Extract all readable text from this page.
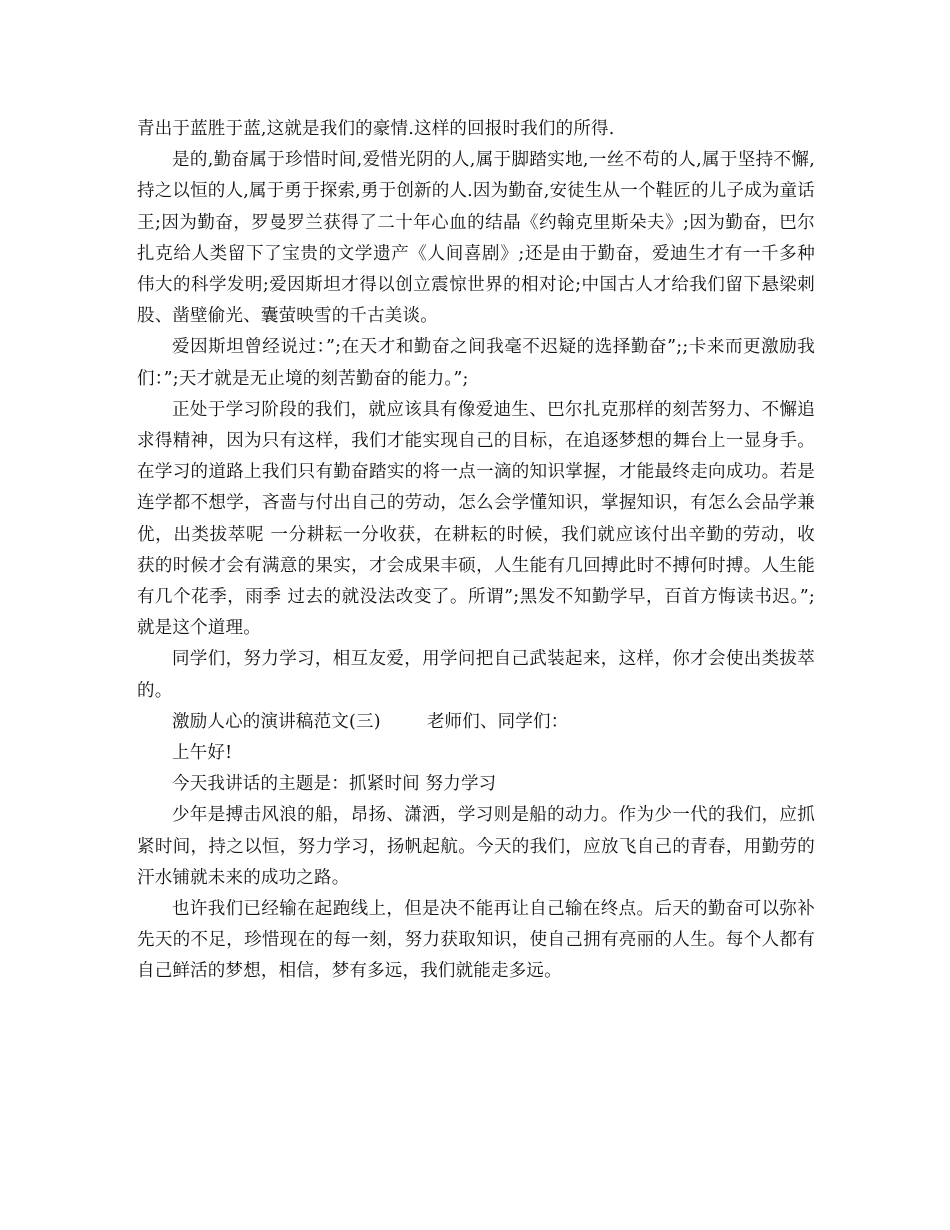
青出于蓝胜于蓝,这就是我们的豪情.这样的回报时我们的所得.

是的,勤奋属于珍惜时间,爱惜光阴的人,属于脚踏实地,一丝不苟的人,属于坚持不懈,持之以恒的人,属于勇于探索,勇于创新的人.因为勤奋,安徒生从一个鞋匠的儿子成为童话王;因为勤奋，罗曼罗兰获得了二十年心血的结晶《约翰克里斯朵夫》;因为勤奋，巴尔扎克给人类留下了宝贵的文学遗产《人间喜剧》;还是由于勤奋，爱迪生才有一千多种伟大的科学发明;爱因斯坦才得以创立震惊世界的相对论;中国古人才给我们留下悬梁刺股、凿壁偷光、囊萤映雪的千古美谈。

爱因斯坦曾经说过：”;在天才和勤奋之间我毫不迟疑的选择勤奋”;;卡来而更激励我们：”;天才就是无止境的刻苦勤奋的能力。”;

正处于学习阶段的我们，就应该具有像爱迪生、巴尔扎克那样的刻苦努力、不懈追求得精神，因为只有这样，我们才能实现自己的目标，在追逐梦想的舞台上一显身手。在学习的道路上我们只有勤奋踏实的将一点一滴的知识掌握，才能最终走向成功。若是连学都不想学，吝啬与付出自己的劳动，怎么会学懂知识，掌握知识，有怎么会品学兼优，出类拔萃呢 一分耕耘一分收获，在耕耘的时候，我们就应该付出辛勤的劳动，收获的时候才会有满意的果实，才会成果丰硕，人生能有几回搏此时不搏何时搏。人生能有几个花季，雨季 过去的就没法改变了。所谓”;黑发不知勤学早，百首方悔读书迟。”;就是这个道理。

同学们，努力学习，相互友爱，用学问把自己武装起来，这样，你才会使出类拔萃的。

激励人心的演讲稿范文(三)        老师们、同学们：

上午好!

今天我讲话的主题是：抓紧时间 努力学习

少年是搏击风浪的船，昂扬、潇洒，学习则是船的动力。作为少一代的我们，应抓紧时间，持之以恒，努力学习，扬帆起航。今天的我们，应放飞自己的青春，用勤劳的汗水铺就未来的成功之路。

也许我们已经输在起跑线上，但是决不能再让自己输在终点。后天的勤奋可以弥补先天的不足，珍惜现在的每一刻，努力获取知识，使自己拥有亮丽的人生。每个人都有自己鲜活的梦想，相信，梦有多远，我们就能走多远。
